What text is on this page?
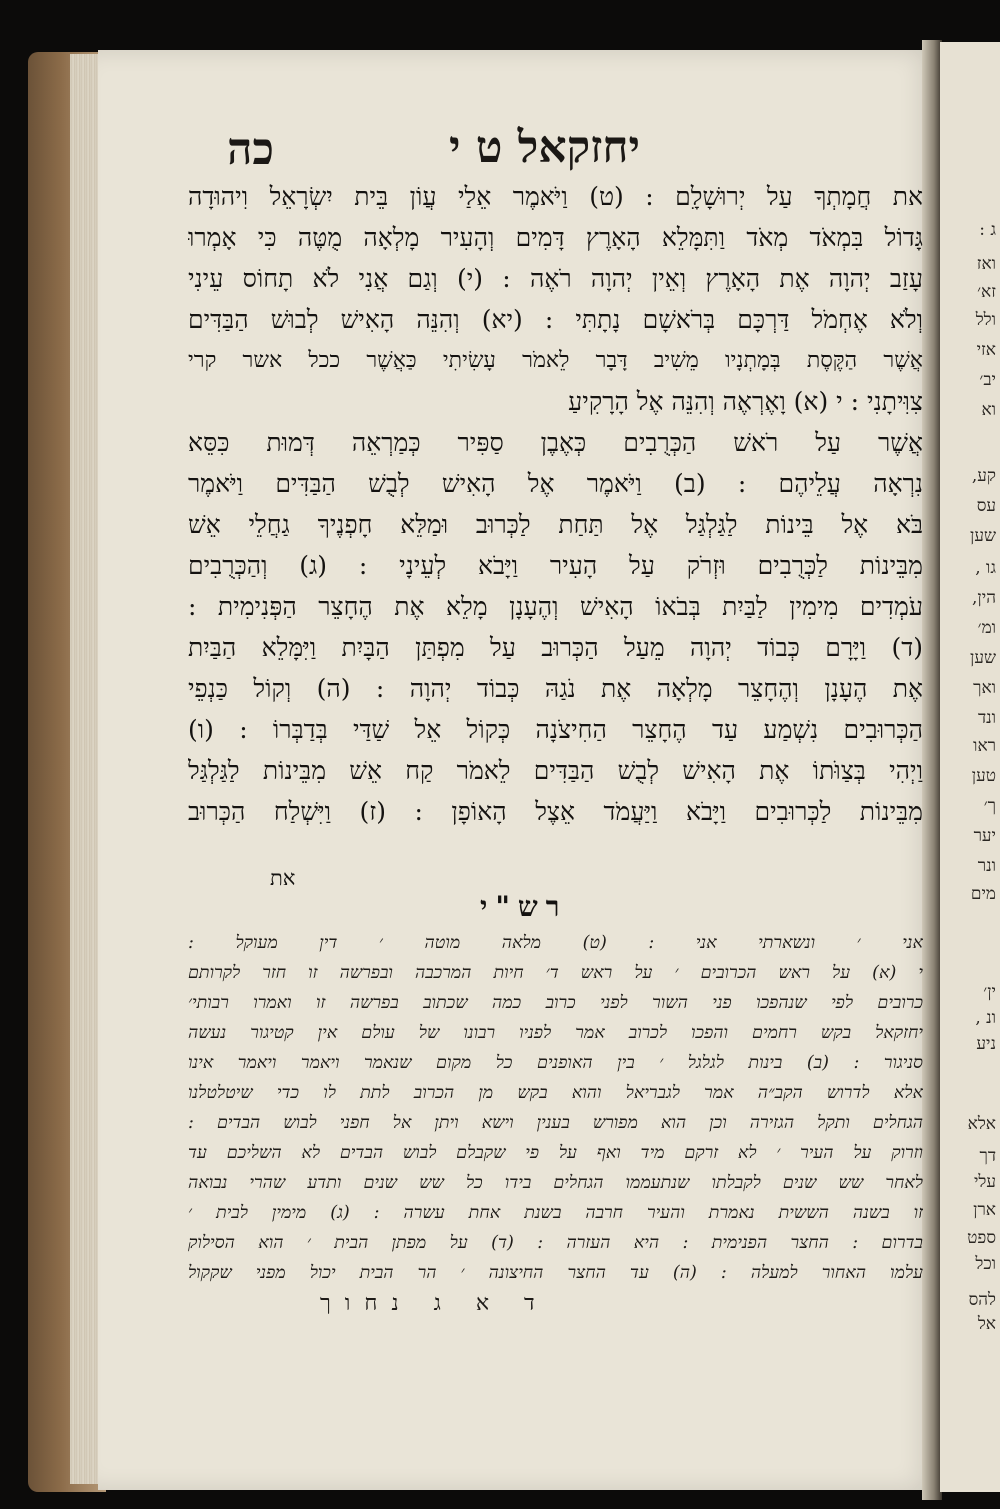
ג :
ואז
זא׳
ולל
אזי
יב׳
וא
קע,
עס
שען
גו ,
הין,
ומ׳
שען
ואך
ונד
ראו
טען
ך׳
יער
ונר
מים
ין׳
ונ ,
ניע
אלא
דך
עלי
ארן
ספט
וכל
להס
אל
יחזקאל ט י
כה
את חֲמָתְךָ עַל יְרוּשָׁלִָם : (ט) וַיֹּאמֶר אֵלַי עֲוֹן בֵּית יִשְׂרָאֵל וִיהוּדָה
גָּדוֹל בִּמְאֹד מְאֹד וַתִּמָּלֵא הָאָרֶץ דָּמִים וְהָעִיר מָלְאָה מֻטֶּה כִּי אָמְרוּ
עָזַב יְהוָה אֶת הָאָרֶץ וְאֵין יְהוָה רֹאֶה : (י) וְגַם אֲנִי לֹא תָחוֹס עֵינִי
וְלֹא אֶחְמֹל דַּרְכָּם בְּרֹאשָׁם נָתָתִּי : (יא) וְהִנֵּה הָאִישׁ לְבוּשׁ הַבַּדִּים
אֲשֶׁר הַקֶּסֶת בְּמָתְנָיו מֵשִׁיב דָּבָר לֵאמֹר עָשִׂיתִי כַּאֲשֶׁר ככל אשר קרי
צִוִּיתָנִי : י (א) וָאֶרְאֶה וְהִנֵּה אֶל הָרָקִיעַ
אֲשֶׁר עַל רֹאשׁ הַכְּרֻבִים כְּאֶבֶן סַפִּיר כְּמַרְאֵה דְּמוּת כִּסֵּא
נִרְאָה עֲלֵיהֶם : (ב) וַיֹּאמֶר אֶל הָאִישׁ לְבֻשׁ הַבַּדִּים וַיֹּאמֶר
בֹּא אֶל בֵּינוֹת לַגַּלְגַּל אֶל תַּחַת לַכְּרוּב וּמַלֵּא חָפְנֶיךָ גַחֲלֵי אֵשׁ
מִבֵּינוֹת לַכְּרֻבִים וּזְרֹק עַל הָעִיר וַיָּבֹא לְעֵינָי : (ג) וְהַכְּרֻבִים
עֹמְדִים מִימִין לַבַּיִת בְּבֹאוֹ הָאִישׁ וְהֶעָנָן מָלֵא אֶת הֶחָצֵר הַפְּנִימִית :
(ד) וַיָּרָם כְּבוֹד יְהוָה מֵעַל הַכְּרוּב עַל מִפְתַּן הַבָּיִת וַיִּמָּלֵא הַבַּיִת
אֶת הֶעָנָן וְהֶחָצֵר מָלְאָה אֶת נֹגַהּ כְּבוֹד יְהוָה : (ה) וְקוֹל כַּנְפֵי
הַכְּרוּבִים נִשְׁמַע עַד הֶחָצֵר הַחִיצֹנָה כְּקוֹל אֵל שַׁדַּי בְּדַבְּרוֹ : (ו)
וַיְהִי בְּצַוֹּתוֹ אֶת הָאִישׁ לְבֻשׁ הַבַּדִּים לֵאמֹר קַח אֵשׁ מִבֵּינוֹת לַגַּלְגַּל
מִבֵּינוֹת לַכְּרוּבִים וַיָּבֹא וַיַּעֲמֹד אֵצֶל הָאוֹפָן : (ז) וַיִּשְׁלַח הַכְּרוּב
את
רש"י
אני ׳ ונשארתי אני : (ט) מלאה מוטה ׳ דין מעוקל :
י (א) על ראש הכרובים ׳ על ראש ד׳ חיות המרכבה ובפרשה זו חזר לקרותם
כרובים לפי שנהפכו פני השור לפני כרוב כמה שכתוב בפרשה זו ואמרו רבותי׳
יחזקאל בקש רחמים והפכו לכרוב אמר לפניו רבונו של עולם אין קטיגור נעשה
סניגור : (ב) בינות לגלגל ׳ בין האופנים כל מקום שנאמר ויאמר ויאמר אינו
אלא לדרוש הקב״ה אמר לגבריאל והוא בקש מן הכרוב לתת לו כדי שיטלטלנו
הגחלים ותקל הגזירה וכן הוא מפורש בענין וישא ויתן אל חפני לבוש הבדים :
וזרוק על העיר ׳ לא זרקם מיד ואף על פי שקבלם לבוש הבדים לא השליכם עד
לאחר שש שנים לקבלתו שנתעממו הגחלים בידו כל שש שנים ותדע שהרי נבואה
זו בשנה הששית נאמרת והעיר חרבה בשנת אחת עשרה : (ג) מימין לבית ׳
בדרום : החצר הפנימית : היא העזרה : (ד) על מפתן הבית ׳ הוא הסילוק
עלמו האחור למעלה : (ה) עד החצר החיצונה ׳ הר הבית יכול מפני שקקול
ד א ג נחוך
